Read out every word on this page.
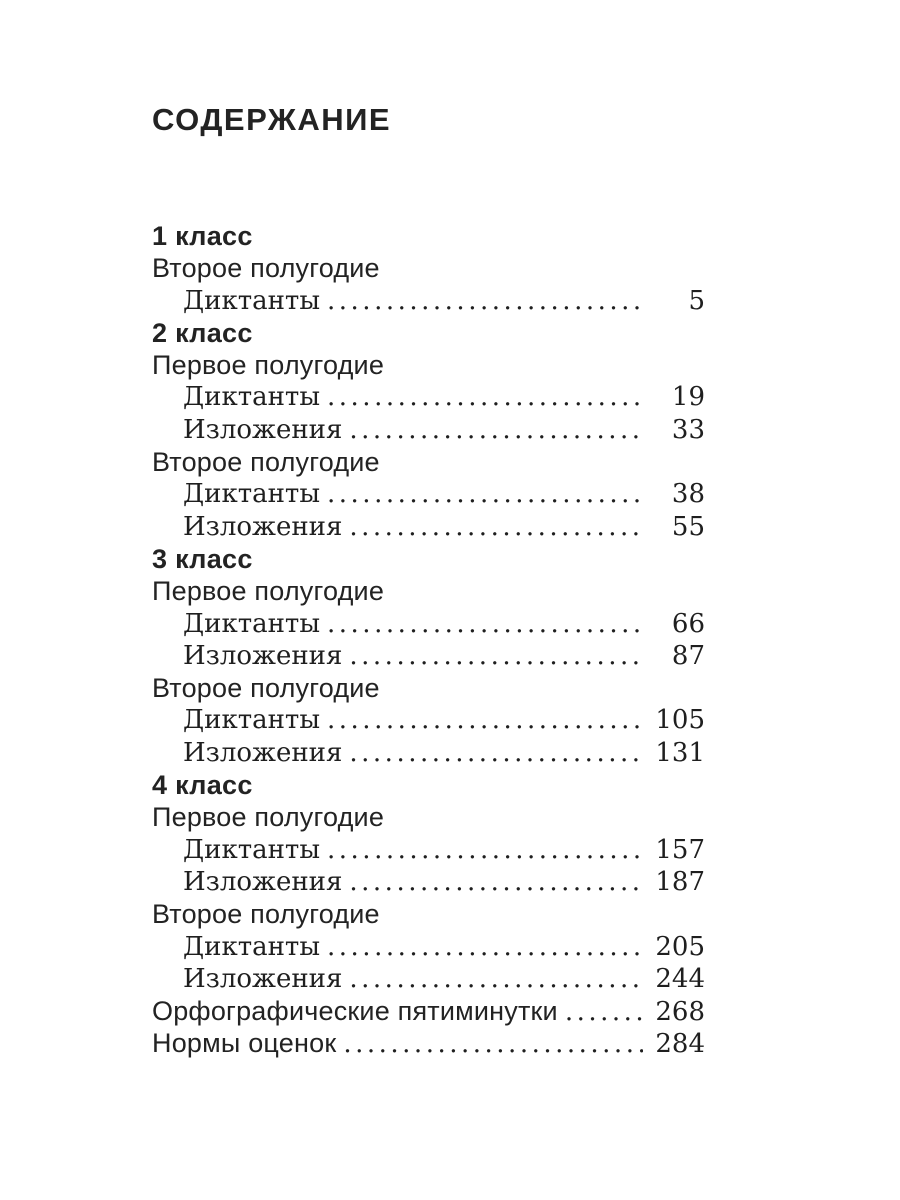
СОДЕРЖАНИЕ
1 класс
Второе полугодие
Диктанты .....	5
2 класс
Первое полугодие
Диктанты .....	19
Изложения .....	33
Второе полугодие
Диктанты .....	38
Изложения .....	55
3 класс
Первое полугодие
Диктанты .....	66
Изложения .....	87
Второе полугодие
Диктанты .....	105
Изложения .....	131
4 класс
Первое полугодие
Диктанты .....	157
Изложения .....	187
Второе полугодие
Диктанты .....	205
Изложения .....	244
Орфографические пятиминутки .....	268
Нормы оценок .....	284
